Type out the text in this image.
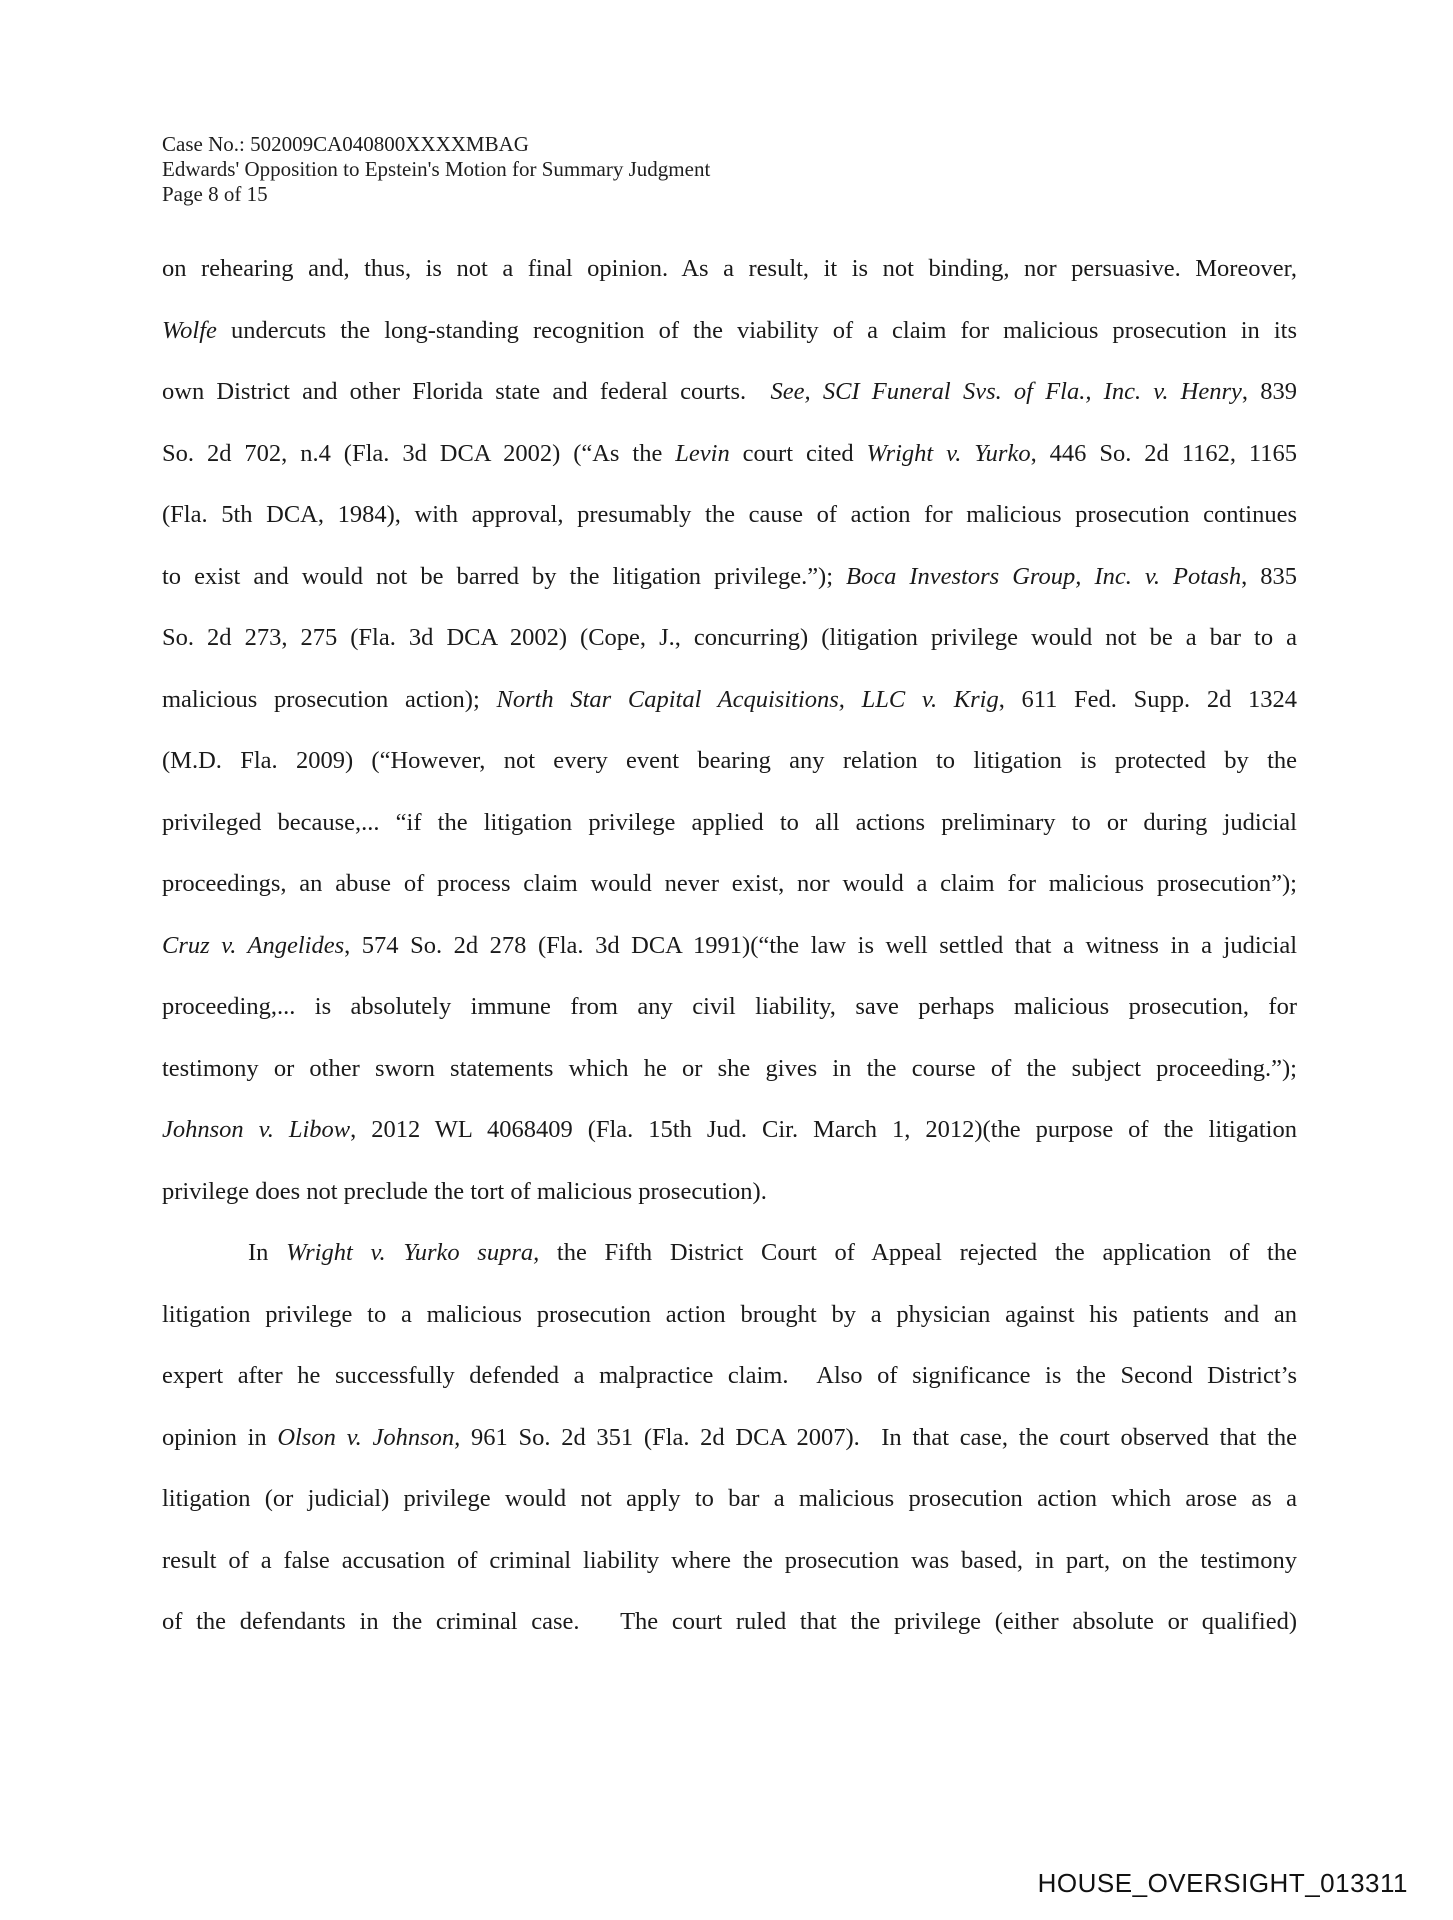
Case No.: 502009CA040800XXXXMBAG
Edwards' Opposition to Epstein's Motion for Summary Judgment
Page 8 of 15
on rehearing and, thus, is not a final opinion. As a result, it is not binding, nor persuasive. Moreover,
Wolfe undercuts the long-standing recognition of the viability of a claim for malicious prosecution in its
own District and other Florida state and federal courts.  See, SCI Funeral Svs. of Fla., Inc. v. Henry, 839
So. 2d 702, n.4 (Fla. 3d DCA 2002) (“As the Levin court cited Wright v. Yurko, 446 So. 2d 1162, 1165
(Fla. 5th DCA, 1984), with approval, presumably the cause of action for malicious prosecution continues
to exist and would not be barred by the litigation privilege.”); Boca Investors Group, Inc. v. Potash, 835
So. 2d 273, 275 (Fla. 3d DCA 2002) (Cope, J., concurring) (litigation privilege would not be a bar to a
malicious prosecution action); North Star Capital Acquisitions, LLC v. Krig, 611 Fed. Supp. 2d 1324
(M.D. Fla. 2009) (“However, not every event bearing any relation to litigation is protected by the
privileged because,... “if the litigation privilege applied to all actions preliminary to or during judicial
proceedings, an abuse of process claim would never exist, nor would a claim for malicious prosecution”);
Cruz v. Angelides, 574 So. 2d 278 (Fla. 3d DCA 1991)(“the law is well settled that a witness in a judicial
proceeding,... is absolutely immune from any civil liability, save perhaps malicious prosecution, for
testimony or other sworn statements which he or she gives in the course of the subject proceeding.”);
Johnson v. Libow, 2012 WL 4068409 (Fla. 15th Jud. Cir. March 1, 2012)(the purpose of the litigation
privilege does not preclude the tort of malicious prosecution).
In Wright v. Yurko supra, the Fifth District Court of Appeal rejected the application of the
litigation privilege to a malicious prosecution action brought by a physician against his patients and an
expert after he successfully defended a malpractice claim.  Also of significance is the Second District’s
opinion in Olson v. Johnson, 961 So. 2d 351 (Fla. 2d DCA 2007).  In that case, the court observed that the
litigation (or judicial) privilege would not apply to bar a malicious prosecution action which arose as a
result of a false accusation of criminal liability where the prosecution was based, in part, on the testimony
of the defendants in the criminal case.   The court ruled that the privilege (either absolute or qualified)
HOUSE_OVERSIGHT_013311
